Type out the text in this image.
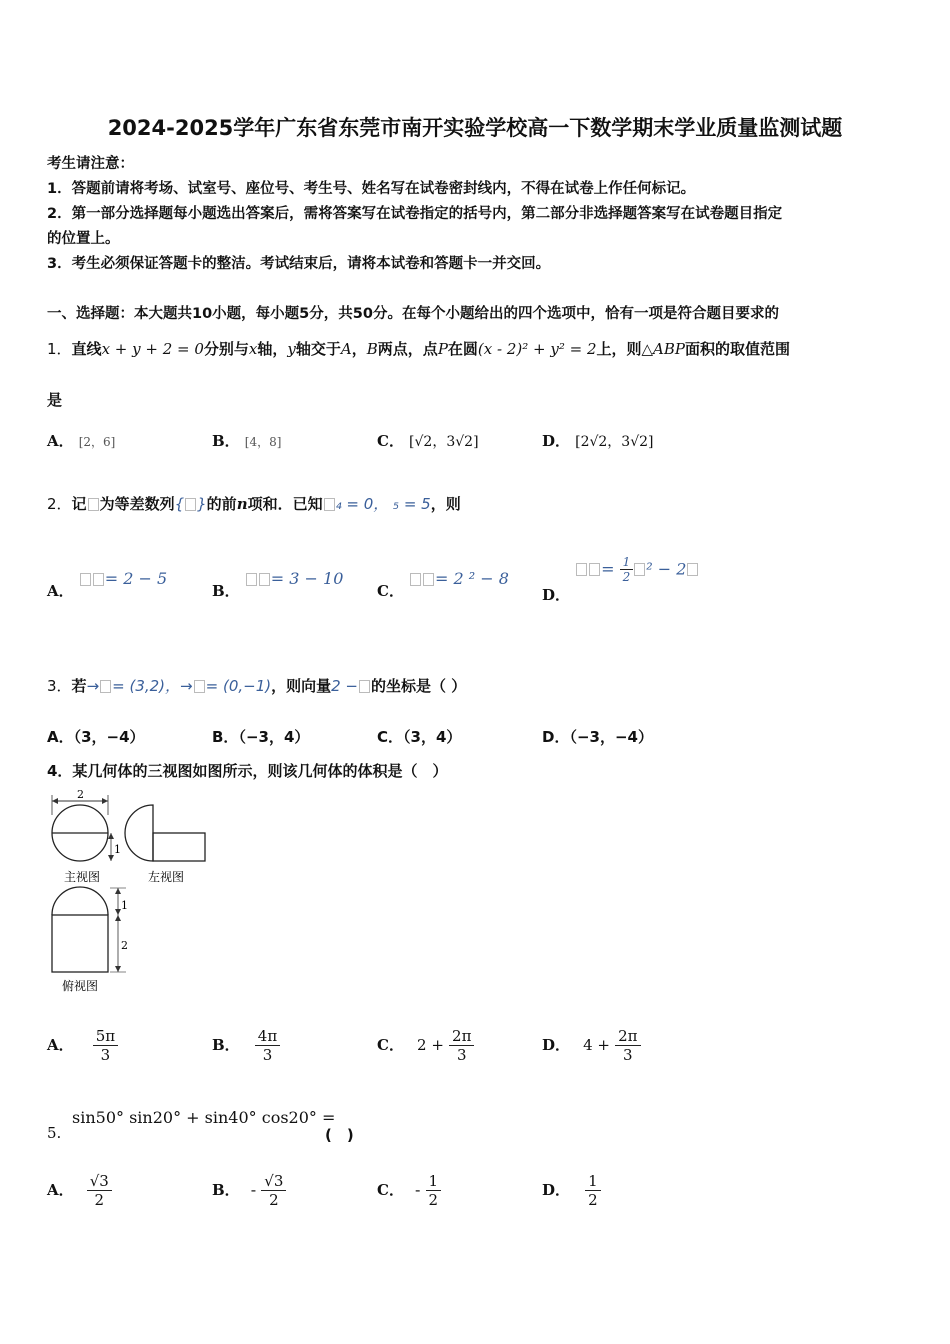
2024-2025学年广东省东莞市南开实验学校高一下数学期末学业质量监测试题
考生请注意：
1．答题前请将考场、试室号、座位号、考生号、姓名写在试卷密封线内，不得在试卷上作任何标记。
2．第一部分选择题每小题选出答案后，需将答案写在试卷指定的括号内，第二部分非选择题答案写在试卷题目指定
的位置上。
3．考生必须保证答题卡的整洁。考试结束后，请将本试卷和答题卡一并交回。
一、选择题：本大题共10小题，每小题5分，共50分。在每个小题给出的四个选项中，恰有一项是符合题目要求的
1．直线x + y + 2 = 0分别与x轴，y轴交于A，B两点，点P在圆(x - 2)² + y² = 2上，则△ABP面积的取值范围
是
A． [2，6]	B． [4，8]	C． [√2，3√2]	D． [2√2，3√2]
2．记 为等差数列{ }的前n项和．已知 ₄ = 0， ₅ = 5，则
A． = 2 − 5
B． = 3 − 10
C． = 2 ² − 8
D． = $\frac{1}{2} ^2 - 2$
3．若→ = (3,2)，→ = (0,−1)，则向量2 − 的坐标是（ ）
A．（3，−4）	B．（−3，4）	C．（3，4）	D．（−3，−4）
4．某几何体的三视图如图所示，则该几何体的体积是（　）
2
1
主视图	左视图
1
2
俯视图
A． $\frac{5\pi}{3}$	B． $\frac{4\pi}{3}$	C． $2 + \frac{2\pi}{3}$	D． $4 + \frac{2\pi}{3}$
5.
sin50° sin20° + sin40° cos20° =
(　)
A． $\frac{√3}{2}$	B． - $\frac{√3}{2}$	C． - $\frac{1}{2}$	D． $\frac{1}{2}$
